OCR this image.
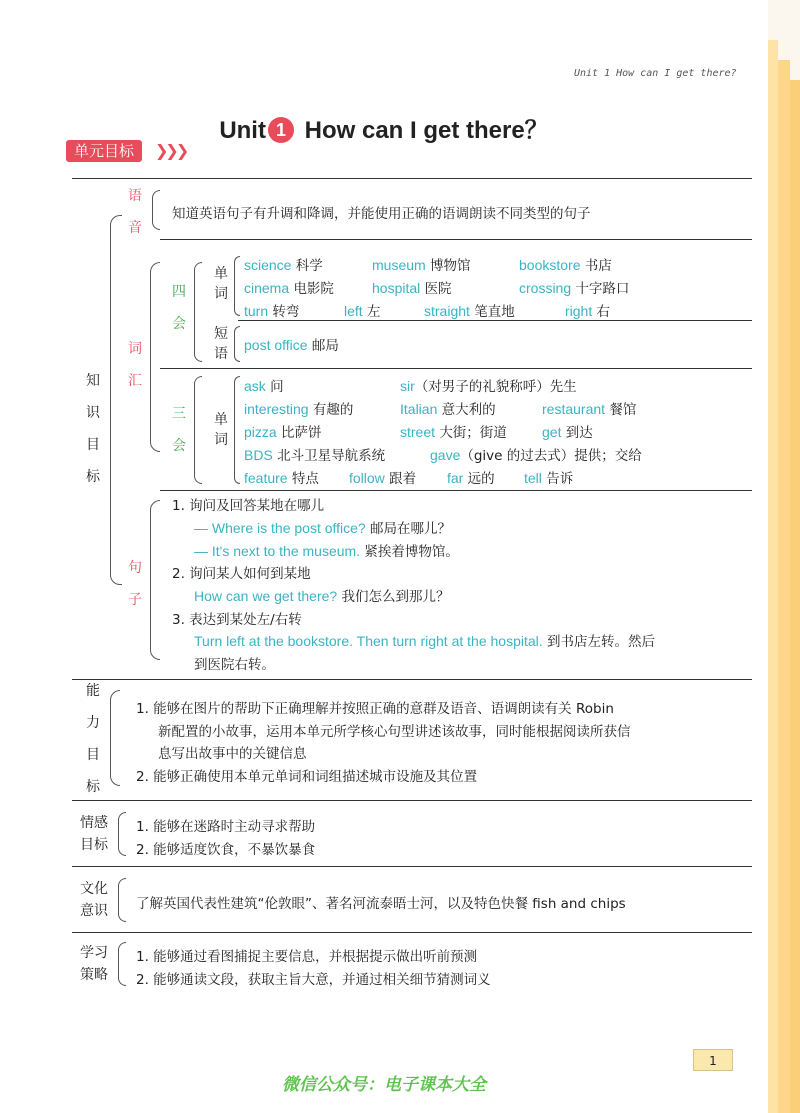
Unit 1 How can I get there?
Unit 1 How can I get there？
单元目标	❯❯❯
知
识
目
标
语
音
知道英语句子有升调和降调，并能使用正确的语调朗读不同类型的句子
词
汇
四
会
单
词
science 科学	museum 博物馆	bookstore 书店
cinema 电影院	hospital 医院	crossing 十字路口
turn 转弯	left 左	straight 笔直地	right 右
短
语
post office 邮局
三
会
单
词
ask 问	sir（对男子的礼貌称呼）先生
interesting 有趣的	Italian 意大利的	restaurant 餐馆
pizza 比萨饼	street 大街；街道	get 到达
BDS 北斗卫星导航系统	gave（give 的过去式）提供；交给
feature 特点 follow 跟着 far 远的 tell 告诉
句
子
1. 询问及回答某地在哪儿
— Where is the post office? 邮局在哪儿？
— It's next to the museum. 紧挨着博物馆。
2. 询问某人如何到某地
How can we get there? 我们怎么到那儿？
3. 表达到某处左/右转
Turn left at the bookstore. Then turn right at the hospital. 到书店左转。然后
到医院右转。
能
力
目
标
1. 能够在图片的帮助下正确理解并按照正确的意群及语音、语调朗读有关 Robin
新配置的小故事，运用本单元所学核心句型讲述该故事，同时能根据阅读所获信
息写出故事中的关键信息
2. 能够正确使用本单元单词和词组描述城市设施及其位置
情感
目标
1. 能够在迷路时主动寻求帮助
2. 能够适度饮食，不暴饮暴食
文化
意识	了解英国代表性建筑“伦敦眼”、著名河流泰晤士河，以及特色快餐 fish and chips
学习
策略
1. 能够通过看图捕捉主要信息，并根据提示做出听前预测
2. 能够通读文段，获取主旨大意，并通过相关细节猜测词义
1
微信公众号：电子课本大全
